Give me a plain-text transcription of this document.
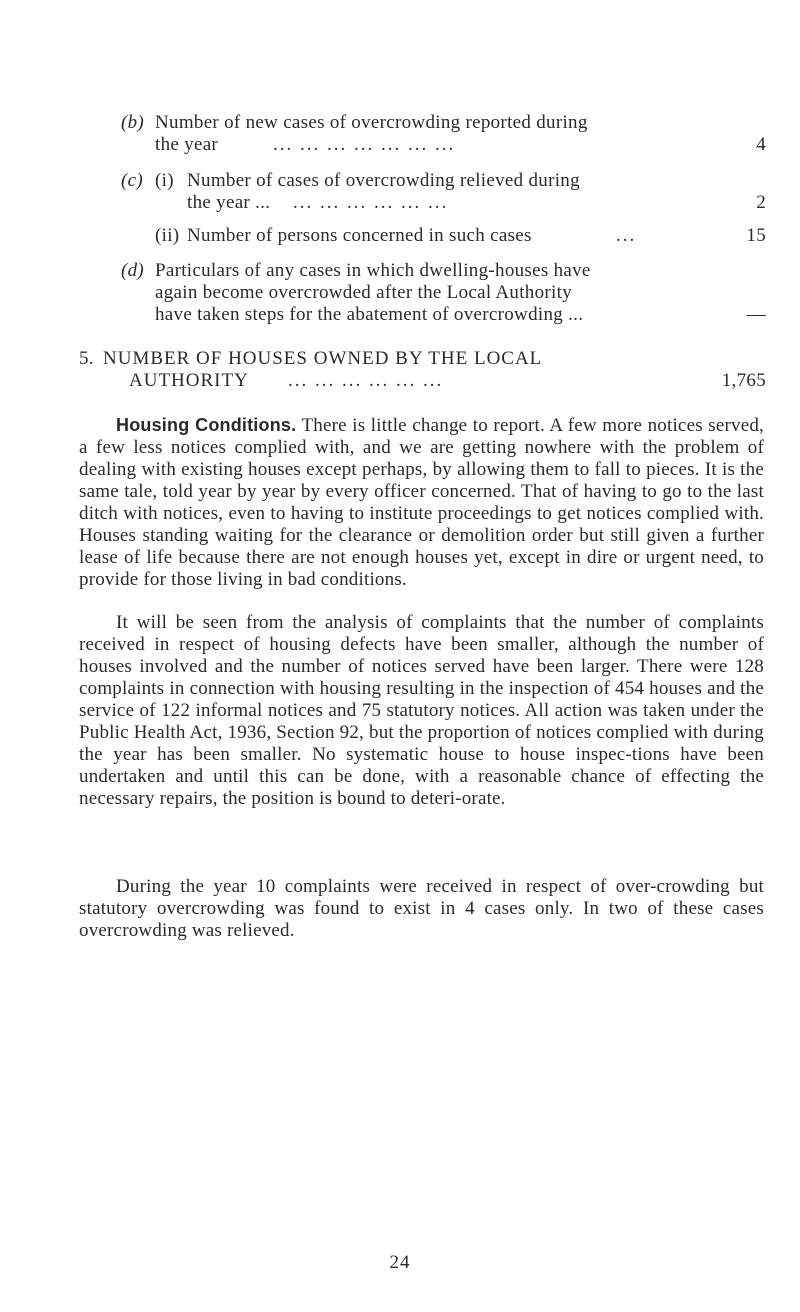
(b) Number of new cases of overcrowding reported during
the year	... ... ... ... ... ... ...	4
(c) (i) Number of cases of overcrowding relieved during
the year ... ... ... ... ... ... ...	2
(ii) Number of persons concerned in such cases	...	15
(d) Particulars of any cases in which dwelling-houses have
again become overcrowded after the Local Authority
have taken steps for the abatement of overcrowding ...	—
5. NUMBER OF HOUSES OWNED BY THE LOCAL
AUTHORITY ... ... ... ... ... ...	1,765
Housing Conditions. There is little change to report. A few more notices served, a few less notices complied with, and we are getting nowhere with the problem of dealing with existing houses except perhaps, by allowing them to fall to pieces. It is the same tale, told year by year by every officer concerned. That of having to go to the last ditch with notices, even to having to institute proceedings to get notices complied with. Houses standing waiting for the clearance or demolition order but still given a further lease of life because there are not enough houses yet, except in dire or urgent need, to provide for those living in bad conditions.
It will be seen from the analysis of complaints that the number of complaints received in respect of housing defects have been smaller, although the number of houses involved and the number of notices served have been larger. There were 128 complaints in connection with housing resulting in the inspection of 454 houses and the service of 122 informal notices and 75 statutory notices. All action was taken under the Public Health Act, 1936, Section 92, but the proportion of notices complied with during the year has been smaller. No systematic house to house inspec-tions have been undertaken and until this can be done, with a reasonable chance of effecting the necessary repairs, the position is bound to deteri-orate.
During the year 10 complaints were received in respect of over-crowding but statutory overcrowding was found to exist in 4 cases only. In two of these cases overcrowding was relieved.
24
